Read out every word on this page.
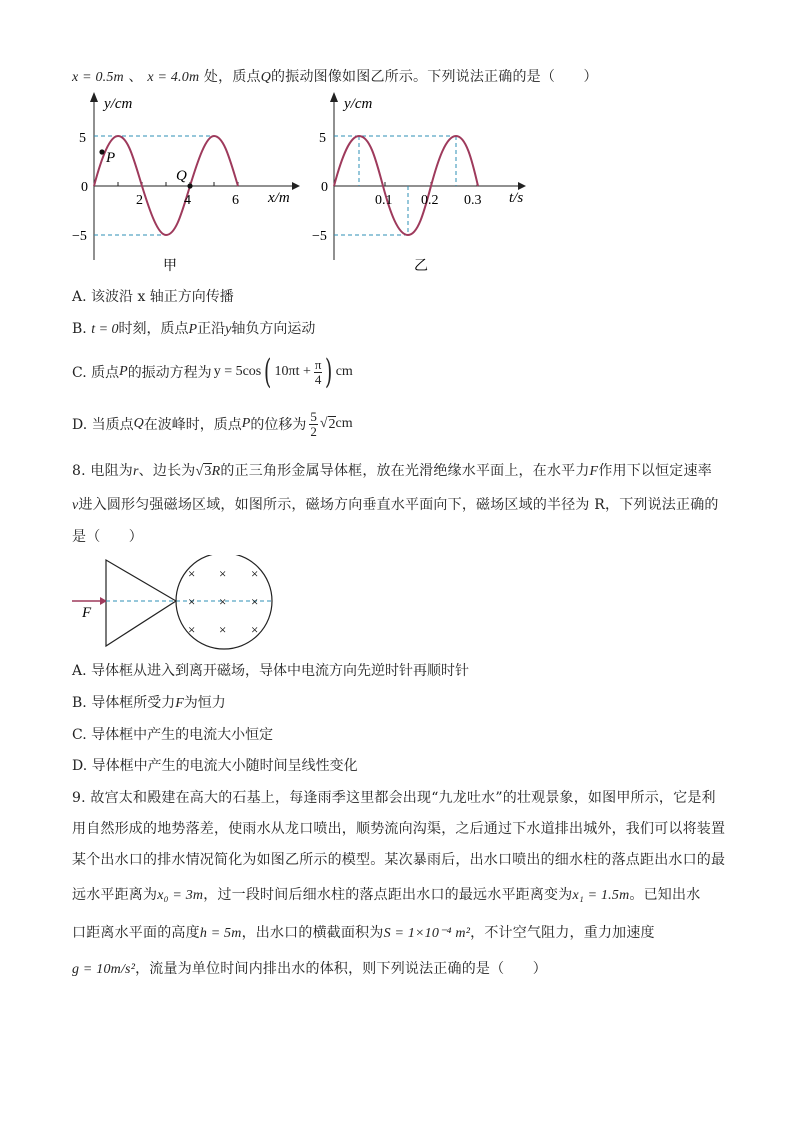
x = 0.5m 、 x = 4.0m 处，质点Q的振动图像如图乙所示。下列说法正确的是（　　）
y/cm
5
0
−5
2	4	6 x/m
P
Q
甲
y/cm
5
0
−5
0.1 0.2 0.3 t/s
乙
A. 该波沿 x 轴正方向传播
B. t = 0时刻，质点P正沿y轴负方向运动
C. 质点 P 的振动方程为 y = 5cos ( $10\pi t + \frac{\pi}{4}$ ) cm
D. 当质点 Q 在波峰时，质点 P 的位移为 $\frac{5}{2}$ √ 2 cm
8. 电阻为r、边长为√3R的正三角形金属导体框，放在光滑绝缘水平面上，在水平力F作用下以恒定速率
v进入圆形匀强磁场区域，如图所示，磁场方向垂直水平面向下，磁场区域的半径为 R，下列说法正确的
是（　　）
F
× × ×
× × ×
× × ×
A. 导体框从进入到离开磁场，导体中电流方向先逆时针再顺时针
B. 导体框所受力F为恒力
C. 导体框中产生的电流大小恒定
D. 导体框中产生的电流大小随时间呈线性变化
9. 故宫太和殿建在高大的石基上，每逢雨季这里都会出现“九龙吐水”的壮观景象，如图甲所示，它是利
用自然形成的地势落差，使雨水从龙口喷出，顺势流向沟渠，之后通过下水道排出城外，我们可以将装置
某个出水口的排水情况简化为如图乙所示的模型。某次暴雨后，出水口喷出的细水柱的落点距出水口的最
远水平距离为x₀ = 3m，过一段时间后细水柱的落点距出水口的最远水平距离变为x₁ = 1.5m。已知出水
口距离水平面的高度h = 5m，出水口的横截面积为S = 1×10⁻⁴ m²，不计空气阻力，重力加速度
g = 10m/s²，流量为单位时间内排出水的体积，则下列说法正确的是（　　）
